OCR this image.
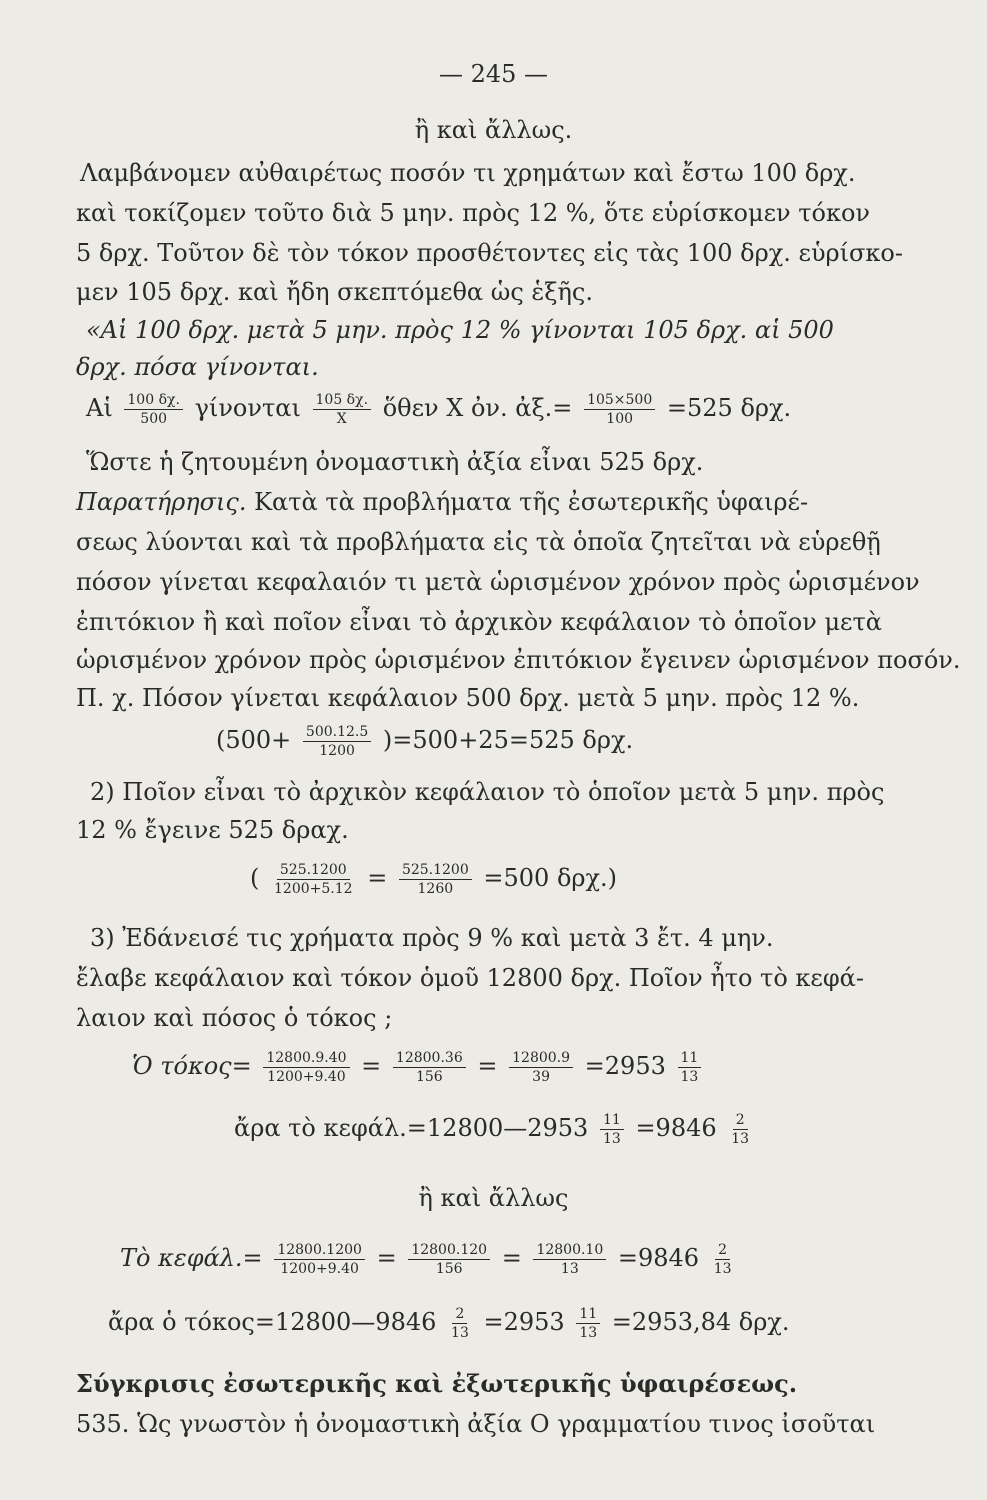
— 245 —
ἢ καὶ ἄλλως.
Λαμβάνομεν αὐθαιρέτως ποσόν τι χρημάτων καὶ ἔστω 100 δρχ.
καὶ τοκίζομεν τοῦτο διὰ 5 μην. πρὸς 12 %, ὅτε εὑρίσκομεν τόκον
5 δρχ. Τοῦτον δὲ τὸν τόκον προσθέτοντες εἰς τὰς 100 δρχ. εὑρίσκο-
μεν 105 δρχ. καὶ ἤδη σκεπτόμεθα ὡς ἑξῆς.
«Αἱ 100 δρχ. μετὰ 5 μην. πρὸς 12 % γίνονται 105 δρχ. αἱ 500
δρχ. πόσα γίνονται.
Αἱ $\frac{100 \delta\chi.}{500}$ γίνονται $\frac{105 \delta\chi.}{X}$ ὅθεν X ὀν. ἀξ.= $\frac{105\times 500}{100} =525$ δρχ.
Ὥστε ἡ ζητουμένη ὀνομαστικὴ ἀξία εἶναι 525 δρχ.
Παρατήρησις. Κατὰ τὰ προβλήματα τῆς ἐσωτερικῆς ὑφαιρέ-
σεως λύονται καὶ τὰ προβλήματα εἰς τὰ ὁποῖα ζητεῖται νὰ εὑρεθῇ
πόσον γίνεται κεφαλαιόν τι μετὰ ὡρισμένον χρόνον πρὸς ὡρισμένον
ἐπιτόκιον ἢ καὶ ποῖον εἶναι τὸ ἀρχικὸν κεφάλαιον τὸ ὁποῖον μετὰ
ὡρισμένον χρόνον πρὸς ὡρισμένον ἐπιτόκιον ἔγεινεν ὡρισμένον ποσόν.
Π. χ. Πόσον γίνεται κεφάλαιον 500 δρχ. μετὰ 5 μην. πρὸς 12 %.
$(500+ \frac{500.12.5}{1200} )=500+25=525$ δρχ.
2) Ποῖον εἶναι τὸ ἀρχικὸν κεφάλαιον τὸ ὁποῖον μετὰ 5 μην. πρὸς
12 % ἔγεινε 525 δραχ.
( $\frac{525.1200}{1200+5.12} = \frac{525.1200}{1260} =500$ δρχ.)
3) Ἐδάνεισέ τις χρήματα πρὸς 9 % καὶ μετὰ 3 ἔτ. 4 μην.
ἔλαβε κεφάλαιον καὶ τόκον ὁμοῦ 12800 δρχ. Ποῖον ἦτο τὸ κεφά-
λαιον καὶ πόσος ὁ τόκος ;
Ὁ $\tau ό\kappa o\varsigma= \frac{12800.9.40}{1200+9.40} = \frac{12800.36}{156} = \frac{12800.9}{39} =2953 \frac{11}{13}$
ἄρα τὸ κεφάλ.=12800—2953 $\frac{11}{13} =9846 \frac{2}{13}$
ἢ καὶ ἄλλως
Τὸ $\kappa\varepsilon\varphi ά\lambda.= \frac{12800.1200}{1200+9.40} = \frac{12800.120}{156} = \frac{12800.10}{13} =9846 \frac{2}{13}$
ἄρα ὁ τόκος=12800—9846 $\frac{2}{13} =2953 \frac{11}{13} =2953,84$ δρχ.
Σύγκρισις ἐσωτερικῆς καὶ ἐξωτερικῆς ὑφαιρέσεως.
535. Ὡς γνωστὸν ἡ ὀνομαστικὴ ἀξία Ο γραμματίου τινος ἰσοῦται
